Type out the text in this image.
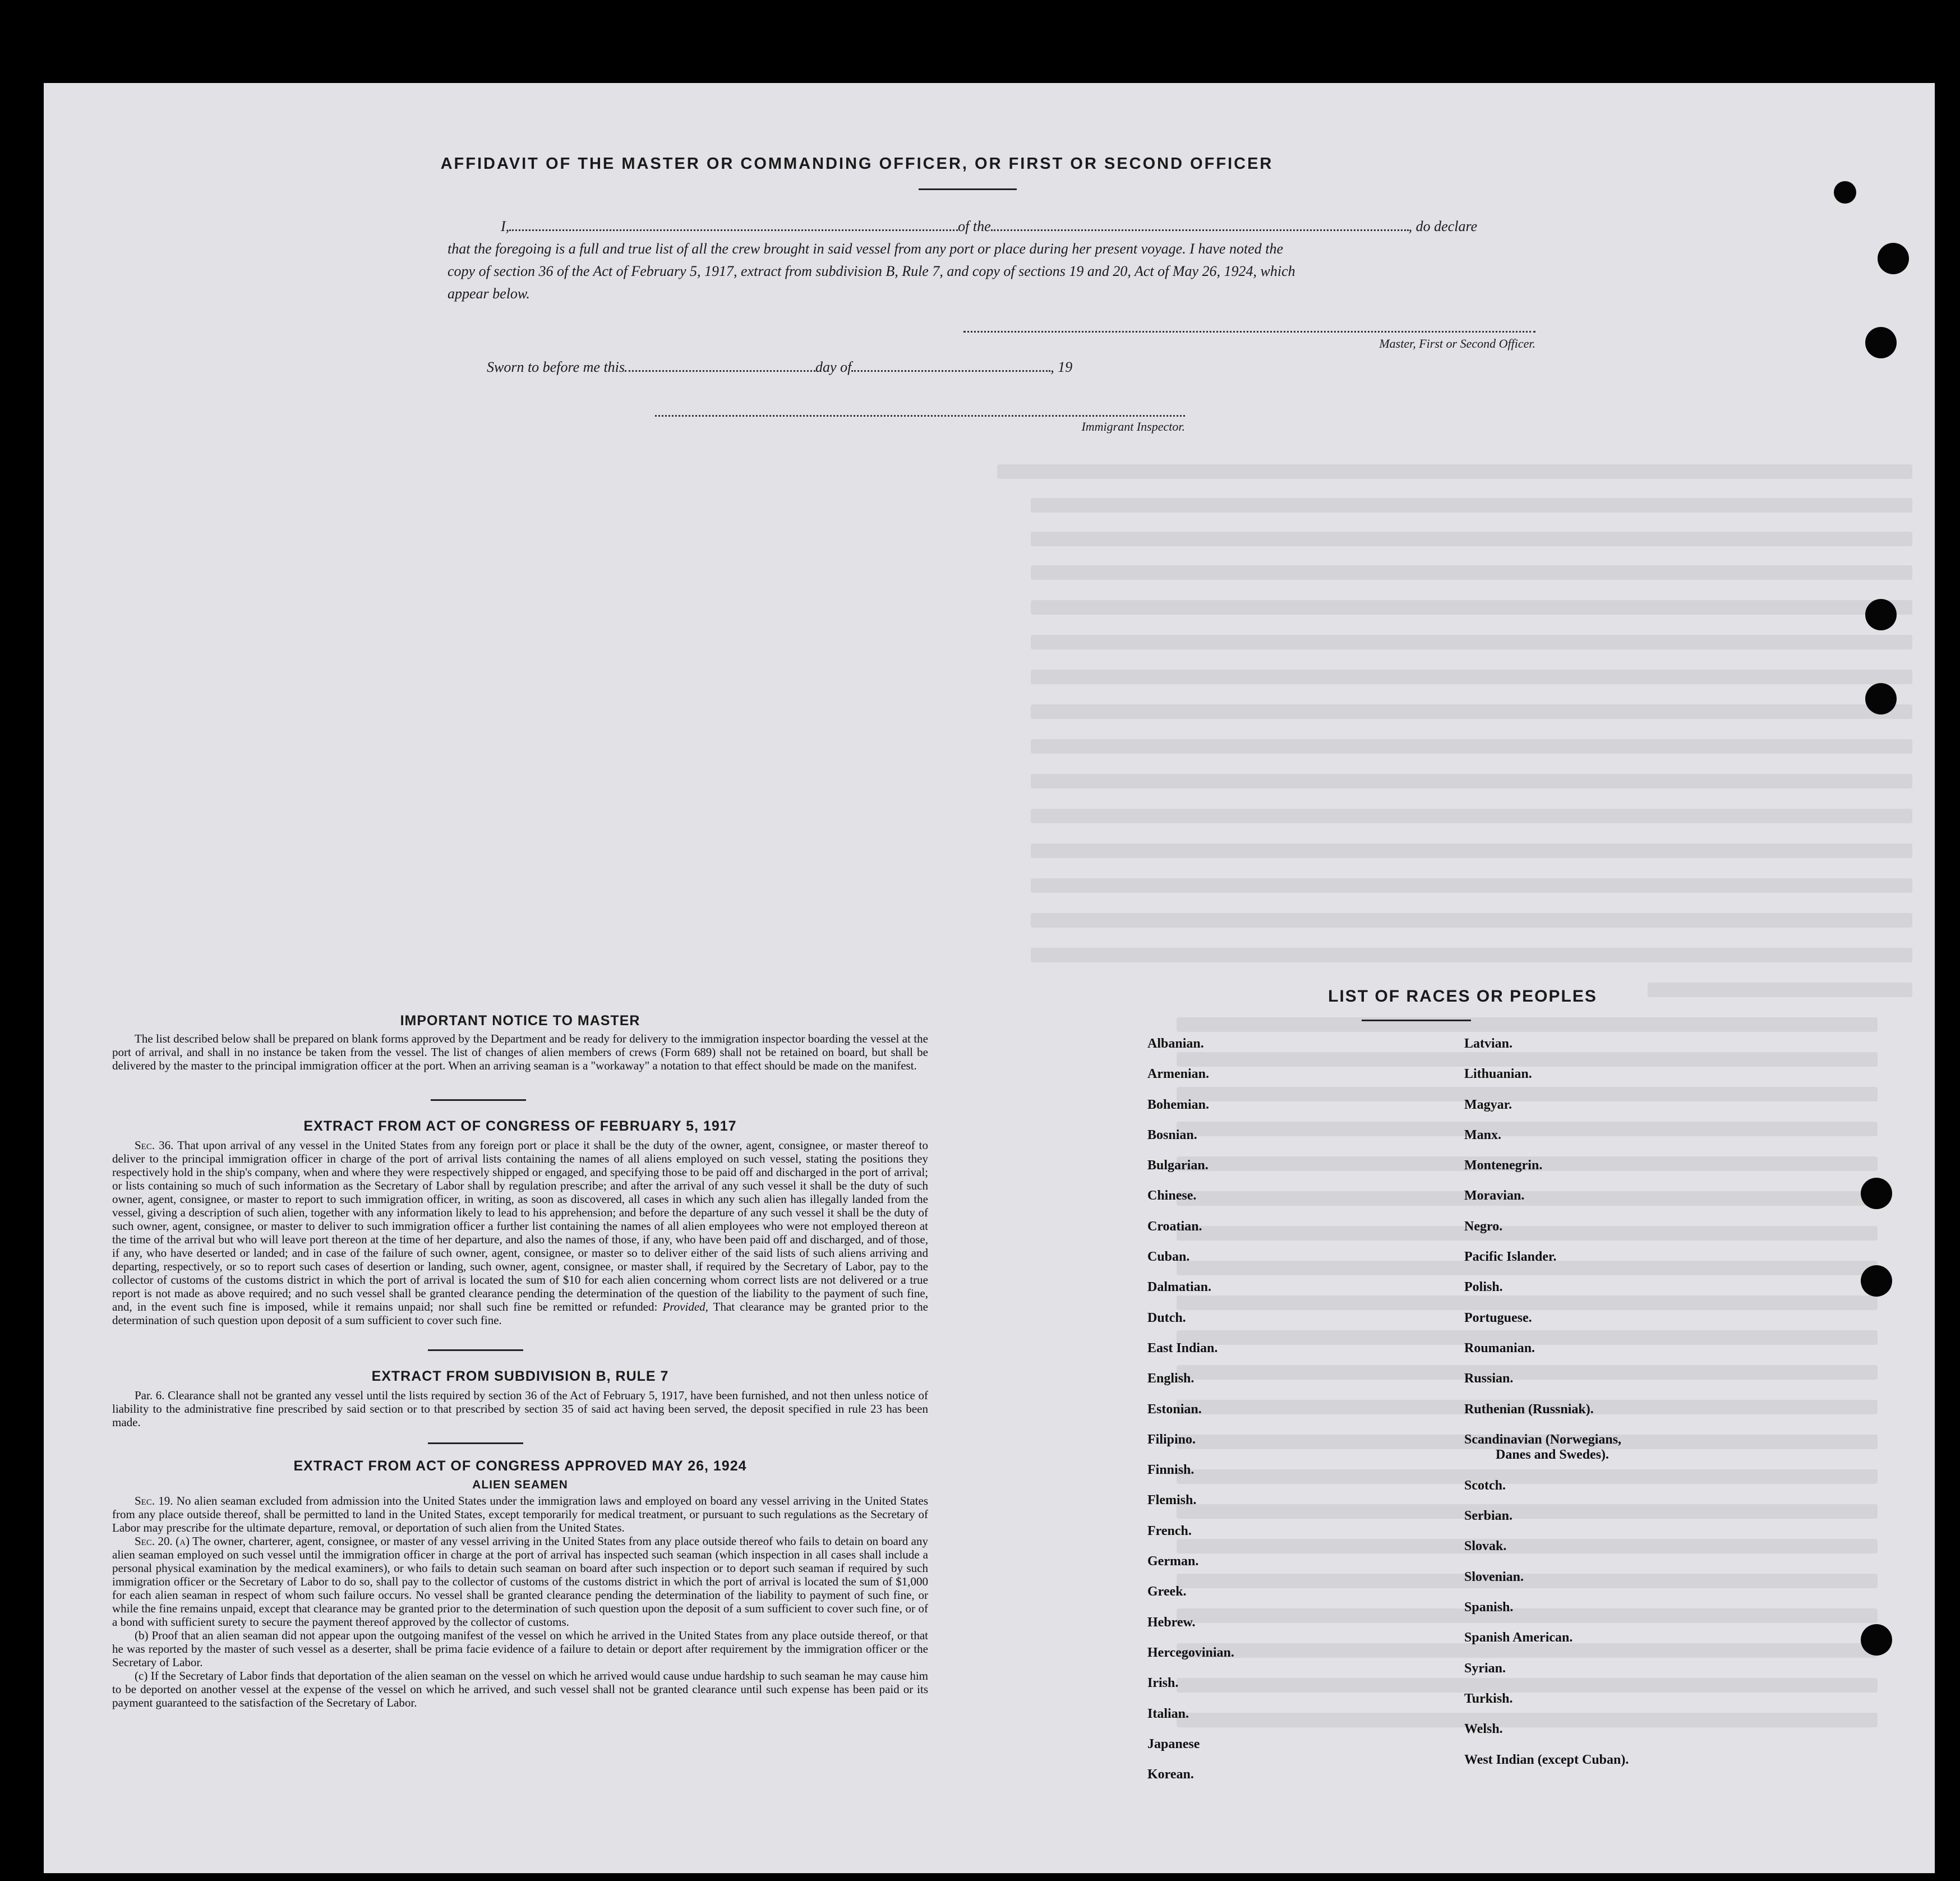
AFFIDAVIT OF THE MASTER OR COMMANDING OFFICER, OR FIRST OR SECOND OFFICER
I,	of the	, do declare
that the foregoing is a full and true list of all the crew brought in said vessel from any port or place during her present voyage. I have noted the
copy of section 36 of the Act of February 5, 1917, extract from subdivision B, Rule 7, and copy of sections 19 and 20, Act of May 26, 1924, which
appear below.
Master, First or Second Officer.
Sworn to before me this	day of	, 19
Immigrant Inspector.
IMPORTANT NOTICE TO MASTER
The list described below shall be prepared on blank forms approved by the Department and be ready for delivery to the immigration inspector boarding the vessel at the port of arrival, and shall in no instance be taken from the vessel. The list of changes of alien members of crews (Form 689) shall not be retained on board, but shall be delivered by the master to the principal immigration officer at the port. When an arriving seaman is a "workaway" a notation to that effect should be made on the manifest.
EXTRACT FROM ACT OF CONGRESS OF FEBRUARY 5, 1917
Sec. 36. That upon arrival of any vessel in the United States from any foreign port or place it shall be the duty of the owner, agent, consignee, or master thereof to deliver to the principal immigration officer in charge of the port of arrival lists containing the names of all aliens employed on such vessel, stating the positions they respectively hold in the ship's company, when and where they were respectively shipped or engaged, and specifying those to be paid off and discharged in the port of arrival; or lists containing so much of such information as the Secretary of Labor shall by regulation prescribe; and after the arrival of any such vessel it shall be the duty of such owner, agent, consignee, or master to report to such immigration officer, in writing, as soon as discovered, all cases in which any such alien has illegally landed from the vessel, giving a description of such alien, together with any information likely to lead to his apprehension; and before the departure of any such vessel it shall be the duty of such owner, agent, consignee, or master to deliver to such immigration officer a further list containing the names of all alien employees who were not employed thereon at the time of the arrival but who will leave port thereon at the time of her departure, and also the names of those, if any, who have been paid off and discharged, and of those, if any, who have deserted or landed; and in case of the failure of such owner, agent, consignee, or master so to deliver either of the said lists of such aliens arriving and departing, respectively, or so to report such cases of desertion or landing, such owner, agent, consignee, or master shall, if required by the Secretary of Labor, pay to the collector of customs of the customs district in which the port of arrival is located the sum of $10 for each alien concerning whom correct lists are not delivered or a true report is not made as above required; and no such vessel shall be granted clearance pending the determination of the question of the liability to the payment of such fine, and, in the event such fine is imposed, while it remains unpaid; nor shall such fine be remitted or refunded: Provided, That clearance may be granted prior to the determination of such question upon deposit of a sum sufficient to cover such fine.
EXTRACT FROM SUBDIVISION B, RULE 7
Par. 6. Clearance shall not be granted any vessel until the lists required by section 36 of the Act of February 5, 1917, have been furnished, and not then unless notice of liability to the administrative fine prescribed by said section or to that prescribed by section 35 of said act having been served, the deposit specified in rule 23 has been made.
EXTRACT FROM ACT OF CONGRESS APPROVED MAY 26, 1924
ALIEN SEAMEN
Sec. 19. No alien seaman excluded from admission into the United States under the immigration laws and employed on board any vessel arriving in the United States from any place outside thereof, shall be permitted to land in the United States, except temporarily for medical treatment, or pursuant to such regulations as the Secretary of Labor may prescribe for the ultimate departure, removal, or deportation of such alien from the United States.
Sec. 20. (a) The owner, charterer, agent, consignee, or master of any vessel arriving in the United States from any place outside thereof who fails to detain on board any alien seaman employed on such vessel until the immigration officer in charge at the port of arrival has inspected such seaman (which inspection in all cases shall include a personal physical examination by the medical examiners), or who fails to detain such seaman on board after such inspection or to deport such seaman if required by such immigration officer or the Secretary of Labor to do so, shall pay to the collector of customs of the customs district in which the port of arrival is located the sum of $1,000 for each alien seaman in respect of whom such failure occurs. No vessel shall be granted clearance pending the determination of the liability to payment of such fine, or while the fine remains unpaid, except that clearance may be granted prior to the determination of such question upon the deposit of a sum sufficient to cover such fine, or of a bond with sufficient surety to secure the payment thereof approved by the collector of customs.
(b) Proof that an alien seaman did not appear upon the outgoing manifest of the vessel on which he arrived in the United States from any place outside thereof, or that he was reported by the master of such vessel as a deserter, shall be prima facie evidence of a failure to detain or deport after requirement by the immigration officer or the Secretary of Labor.
(c) If the Secretary of Labor finds that deportation of the alien seaman on the vessel on which he arrived would cause undue hardship to such seaman he may cause him to be deported on another vessel at the expense of the vessel on which he arrived, and such vessel shall not be granted clearance until such expense has been paid or its payment guaranteed to the satisfaction of the Secretary of Labor.
LIST OF RACES OR PEOPLES
Albanian.
Armenian.
Bohemian.
Bosnian.
Bulgarian.
Chinese.
Croatian.
Cuban.
Dalmatian.
Dutch.
East Indian.
English.
Estonian.
Filipino.
Finnish.
Flemish.
French.
German.
Greek.
Hebrew.
Hercegovinian.
Irish.
Italian.
Japanese
Korean.
Latvian.
Lithuanian.
Magyar.
Manx.
Montenegrin.
Moravian.
Negro.
Pacific Islander.
Polish.
Portuguese.
Roumanian.
Russian.
Ruthenian (Russniak).
Scandinavian (Norwegians,
Danes and Swedes).
Scotch.
Serbian.
Slovak.
Slovenian.
Spanish.
Spanish American.
Syrian.
Turkish.
Welsh.
West Indian (except Cuban).
